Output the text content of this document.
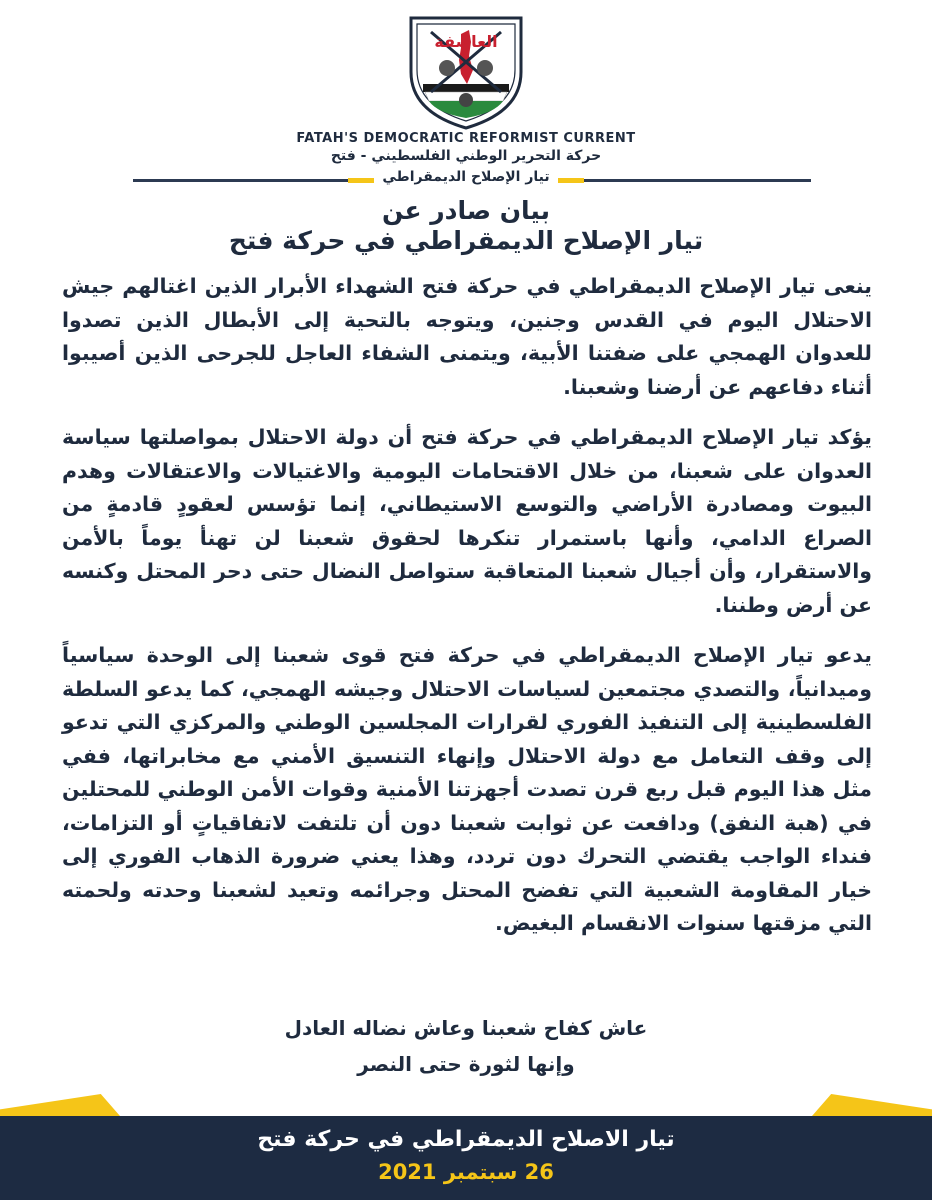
العاصفة
FATAH'S DEMOCRATIC REFORMIST CURRENT
حركة التحرير الوطني الفلسطيني - فتح
تيار الإصلاح الديمقراطي
بيان صادر عن
تيار الإصلاح الديمقراطي في حركة فتح

ينعى تيار الإصلاح الديمقراطي في حركة فتح الشهداء الأبرار الذين اغتالهم جيش الاحتلال اليوم في القدس وجنين، ويتوجه بالتحية إلى الأبطال الذين تصدوا للعدوان الهمجي على ضفتنا الأبية، ويتمنى الشفاء العاجل للجرحى الذين أصيبوا أثناء دفاعهم عن أرضنا وشعبنا.

يؤكد تيار الإصلاح الديمقراطي في حركة فتح أن دولة الاحتلال بمواصلتها سياسة العدوان على شعبنا، من خلال الاقتحامات اليومية والاغتيالات والاعتقالات وهدم البيوت ومصادرة الأراضي والتوسع الاستيطاني، إنما تؤسس لعقودٍ قادمةٍ من الصراع الدامي، وأنها باستمرار تنكرها لحقوق شعبنا لن تهنأ يوماً بالأمن والاستقرار، وأن أجيال شعبنا المتعاقبة ستواصل النضال حتى دحر المحتل وكنسه عن أرض وطننا.

يدعو تيار الإصلاح الديمقراطي في حركة فتح قوى شعبنا إلى الوحدة سياسياً وميدانياً، والتصدي مجتمعين لسياسات الاحتلال وجيشه الهمجي، كما يدعو السلطة الفلسطينية إلى التنفيذ الفوري لقرارات المجلسين الوطني والمركزي التي تدعو إلى وقف التعامل مع دولة الاحتلال وإنهاء التنسيق الأمني مع مخابراتها، ففي مثل هذا اليوم قبل ربع قرن تصدت أجهزتنا الأمنية وقوات الأمن الوطني للمحتلين في (هبة النفق) ودافعت عن ثوابت شعبنا دون أن تلتفت لاتفاقياتٍ أو التزامات، فنداء الواجب يقتضي التحرك دون تردد، وهذا يعني ضرورة الذهاب الفوري إلى خيار المقاومة الشعبية التي تفضح المحتل وجرائمه وتعيد لشعبنا وحدته ولحمته التي مزقتها سنوات الانقسام البغيض.

عاش كفاح شعبنا وعاش نضاله العادل
وإنها لثورة حتى النصر
تيار الاصلاح الديمقراطي في حركة فتح
26 سبتمبر 2021
